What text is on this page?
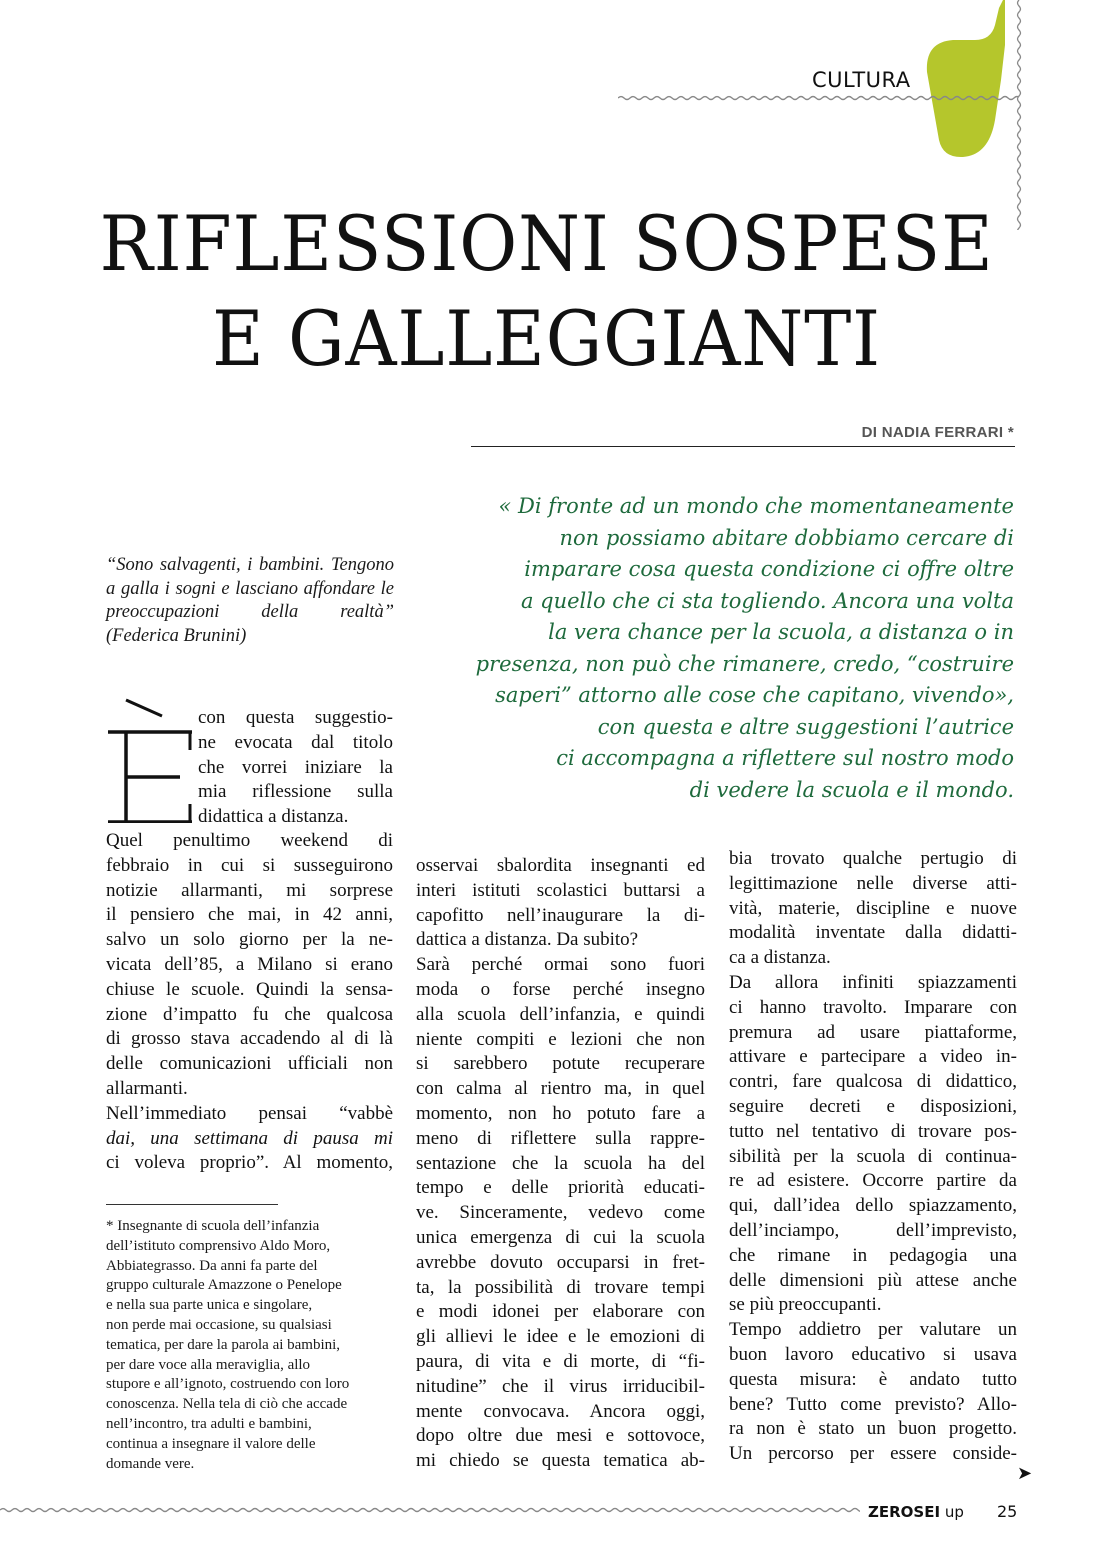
CULTURA
RIFLESSIONI SOSPESE
E GALLEGGIANTI
DI NADIA FERRARI *
« Di fronte ad un mondo che momentaneamente
non possiamo abitare dobbiamo cercare di
imparare cosa questa condizione ci offre oltre
a quello che ci sta togliendo. Ancora una volta
la vera chance per la scuola, a distanza o in
presenza, non può che rimanere, credo, “costruire
saperi” attorno alle cose che capitano, vivendo»,
con questa e altre suggestioni l’autrice
ci accompagna a riflettere sul nostro modo
di vedere la scuola e il mondo.
“Sono salvagenti, i bambini. Tengono a galla i sogni e lasciano affondare le preoccupazioni della realtà” (Federica Brunini)
con questa suggestio-
ne evocata dal titolo
che vorrei iniziare la
mia riflessione sulla
didattica a distanza.
Quel penultimo weekend di
febbraio in cui si susseguirono
notizie allarmanti, mi sorprese
il pensiero che mai, in 42 anni,
salvo un solo giorno per la ne-
vicata dell’85, a Milano si erano
chiuse le scuole. Quindi la sensa-
zione d’impatto fu che qualcosa
di grosso stava accadendo al di là
delle comunicazioni ufficiali non
allarmanti.
Nell’immediato pensai “vabbè
dai, una settimana di pausa mi
ci voleva proprio”. Al momento,
* Insegnante di scuola dell’infanzia
dell’istituto comprensivo Aldo Moro,
Abbiategrasso. Da anni fa parte del
gruppo culturale Amazzone o Penelope
e nella sua parte unica e singolare,
non perde mai occasione, su qualsiasi
tematica, per dare la parola ai bambini,
per dare voce alla meraviglia, allo
stupore e all’ignoto, costruendo con loro
conoscenza. Nella tela di ciò che accade
nell’incontro, tra adulti e bambini,
continua a insegnare il valore delle
domande vere.
osservai sbalordita insegnanti ed
interi istituti scolastici buttarsi a
capofitto nell’inaugurare la di-
dattica a distanza. Da subito?
Sarà perché ormai sono fuori
moda o forse perché insegno
alla scuola dell’infanzia, e quindi
niente compiti e lezioni che non
si sarebbero potute recuperare
con calma al rientro ma, in quel
momento, non ho potuto fare a
meno di riflettere sulla rappre-
sentazione che la scuola ha del
tempo e delle priorità educati-
ve. Sinceramente, vedevo come
unica emergenza di cui la scuola
avrebbe dovuto occuparsi in fret-
ta, la possibilità di trovare tempi
e modi idonei per elaborare con
gli allievi le idee e le emozioni di
paura, di vita e di morte, di “fi-
nitudine” che il virus irriducibil-
mente convocava. Ancora oggi,
dopo oltre due mesi e sottovoce,
mi chiedo se questa tematica ab-
bia trovato qualche pertugio di
legittimazione nelle diverse atti-
vità, materie, discipline e nuove
modalità inventate dalla didatti-
ca a distanza.
Da allora infiniti spiazzamenti
ci hanno travolto. Imparare con
premura ad usare piattaforme,
attivare e partecipare a video in-
contri, fare qualcosa di didattico,
seguire decreti e disposizioni,
tutto nel tentativo di trovare pos-
sibilità per la scuola di continua-
re ad esistere. Occorre partire da
qui, dall’idea dello spiazzamento,
dell’inciampo, dell’imprevisto,
che rimane in pedagogia una
delle dimensioni più attese anche
se più preoccupanti.
Tempo addietro per valutare un
buon lavoro educativo si usava
questa misura: è andato tutto
bene? Tutto come previsto? Allo-
ra non è stato un buon progetto.
Un percorso per essere conside-
➤
ZEROSEI up 25
